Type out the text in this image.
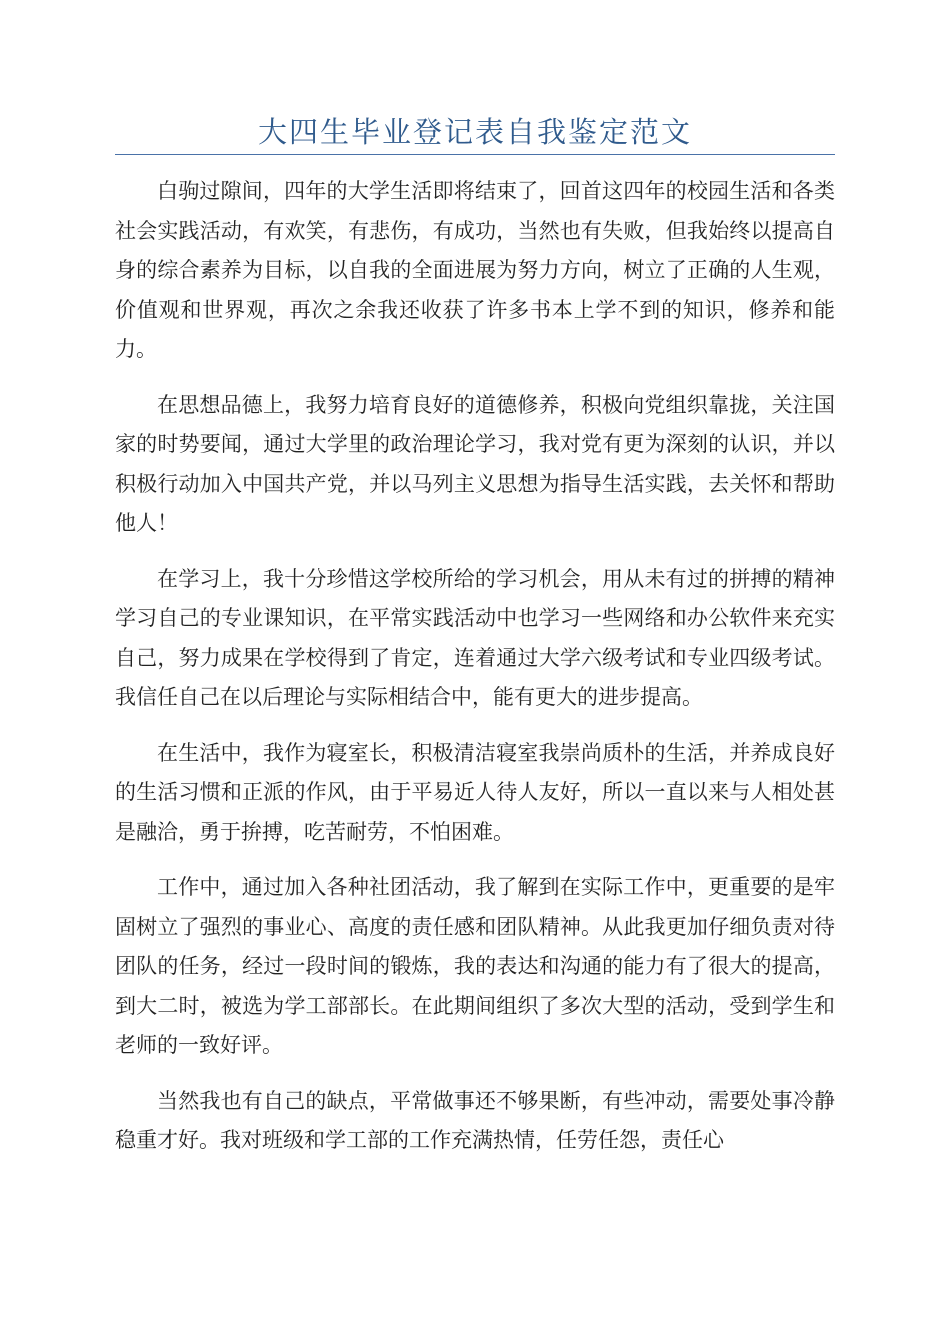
大四生毕业登记表自我鉴定范文

白驹过隙间，四年的大学生活即将结束了，回首这四年的校园生活和各类社会实践活动，有欢笑，有悲伤，有成功，当然也有失败，但我始终以提高自身的综合素养为目标，以自我的全面进展为努力方向，树立了正确的人生观，价值观和世界观，再次之余我还收获了许多书本上学不到的知识，修养和能力。

在思想品德上，我努力培育良好的道德修养，积极向党组织靠拢，关注国家的时势要闻，通过大学里的政治理论学习，我对党有更为深刻的认识，并以积极行动加入中国共产党，并以马列主义思想为指导生活实践，去关怀和帮助他人！

在学习上，我十分珍惜这学校所给的学习机会，用从未有过的拼搏的精神学习自己的专业课知识，在平常实践活动中也学习一些网络和办公软件来充实自己，努力成果在学校得到了肯定，连着通过大学六级考试和专业四级考试。我信任自己在以后理论与实际相结合中，能有更大的进步提高。

在生活中，我作为寝室长，积极清洁寝室我崇尚质朴的生活，并养成良好的生活习惯和正派的作风，由于平易近人待人友好，所以一直以来与人相处甚是融洽，勇于拚搏，吃苦耐劳，不怕困难。

工作中，通过加入各种社团活动，我了解到在实际工作中，更重要的是牢固树立了强烈的事业心、高度的责任感和团队精神。从此我更加仔细负责对待团队的任务，经过一段时间的锻炼，我的表达和沟通的能力有了很大的提高，到大二时，被选为学工部部长。在此期间组织了多次大型的活动，受到学生和老师的一致好评。

当然我也有自己的缺点，平常做事还不够果断，有些冲动，需要处事冷静稳重才好。我对班级和学工部的工作充满热情，任劳任怨，责任心
